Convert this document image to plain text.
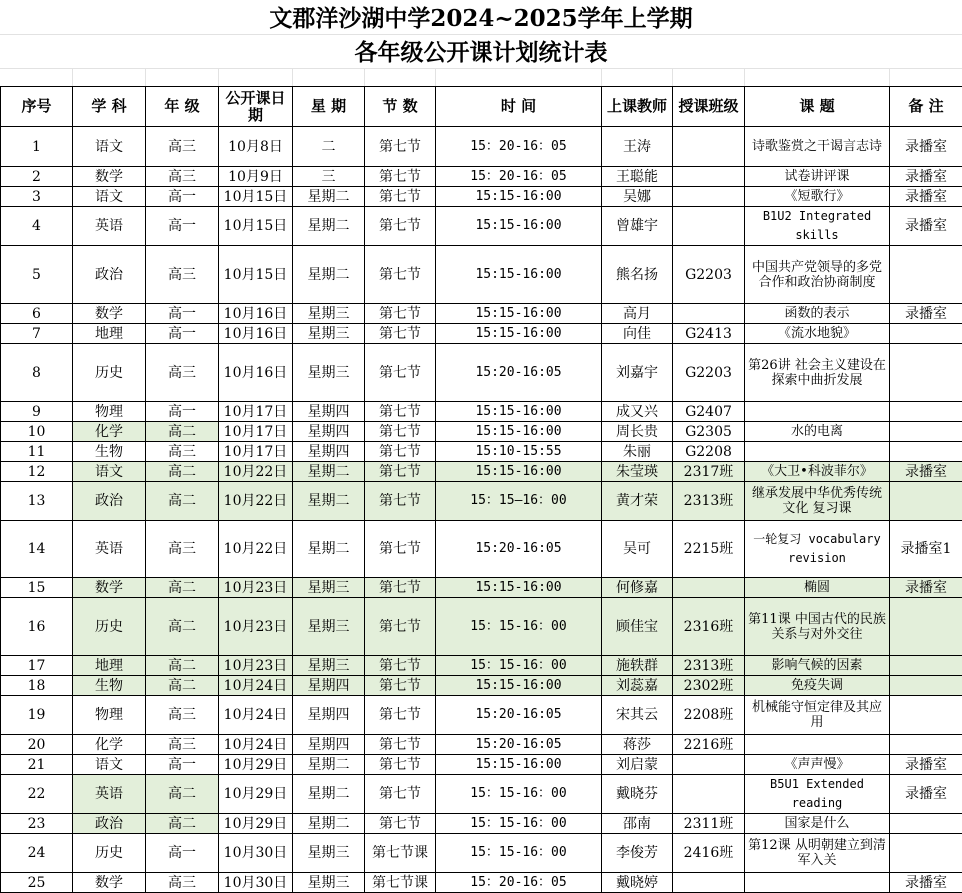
文郡洋沙湖中学2024~2025学年上学期
各年级公开课计划统计表
序号	学 科	年 级	公开课日期	星 期	节 数	时 间	上课教师	授课班级	课 题	备 注
1	语文	高三	10月8日	二	第七节	15：20-16：05	王涛		诗歌鉴赏之干谒言志诗	录播室
2	数学	高三	10月9日	三	第七节	15：20-16：05	王聪能		试卷讲评课	录播室
3	语文	高一	10月15日	星期二	第七节	15:15-16:00	吴娜		《短歌行》	录播室
4	英语	高一	10月15日	星期二	第七节	15:15-16:00	曾雄宇		B1U2 Integrated skills	录播室
5	政治	高三	10月15日	星期二	第七节	15:15-16:00	熊名扬	G2203	中国共产党领导的多党合作和政治协商制度	
6	数学	高一	10月16日	星期三	第七节	15:15-16:00	高月		函数的表示	录播室
7	地理	高一	10月16日	星期三	第七节	15:15-16:00	向佳	G2413	《流水地貌》	
8	历史	高三	10月16日	星期三	第七节	15:20-16:05	刘嘉宇	G2203	第26讲 社会主义建设在探索中曲折发展	
9	物理	高一	10月17日	星期四	第七节	15:15-16:00	成又兴	G2407		
10	化学	高二	10月17日	星期四	第七节	15:15-16:00	周长贵	G2305	水的电离	
11	生物	高三	10月17日	星期四	第七节	15:10-15:55	朱丽	G2208		
12	语文	高二	10月22日	星期二	第七节	15:15-16:00	朱莹瑛	2317班	《大卫•科波菲尔》	录播室
13	政治	高二	10月22日	星期二	第七节	15：15—16：00	黄才荣	2313班	继承发展中华优秀传统文化 复习课	
14	英语	高三	10月22日	星期二	第七节	15:20-16:05	吴可	2215班	一轮复习 vocabulary revision	录播室1
15	数学	高二	10月23日	星期三	第七节	15:15-16:00	何修嘉		椭圆	录播室
16	历史	高二	10月23日	星期三	第七节	15：15-16：00	顾佳宝	2316班	第11课 中国古代的民族关系与对外交往	
17	地理	高二	10月23日	星期三	第七节	15：15-16：00	施轶群	2313班	影响气候的因素	
18	生物	高二	10月24日	星期四	第七节	15:15-16:00	刘蕊嘉	2302班	免疫失调	
19	物理	高三	10月24日	星期四	第七节	15:20-16:05	宋其云	2208班	机械能守恒定律及其应用	
20	化学	高三	10月24日	星期四	第七节	15:20-16:05	蒋莎	2216班		
21	语文	高一	10月29日	星期二	第七节	15:15-16:00	刘启蒙		《声声慢》	录播室
22	英语	高二	10月29日	星期二	第七节	15：15-16：00	戴晓芬		B5U1 Extended reading	录播室
23	政治	高二	10月29日	星期二	第七节	15：15-16：00	邵南	2311班	国家是什么	
24	历史	高一	10月30日	星期三	第七节课	15：15-16：00	李俊芳	2416班	第12课 从明朝建立到清军入关	
25	数学	高三	10月30日	星期三	第七节课	15：20-16：05	戴晓婷			录播室
